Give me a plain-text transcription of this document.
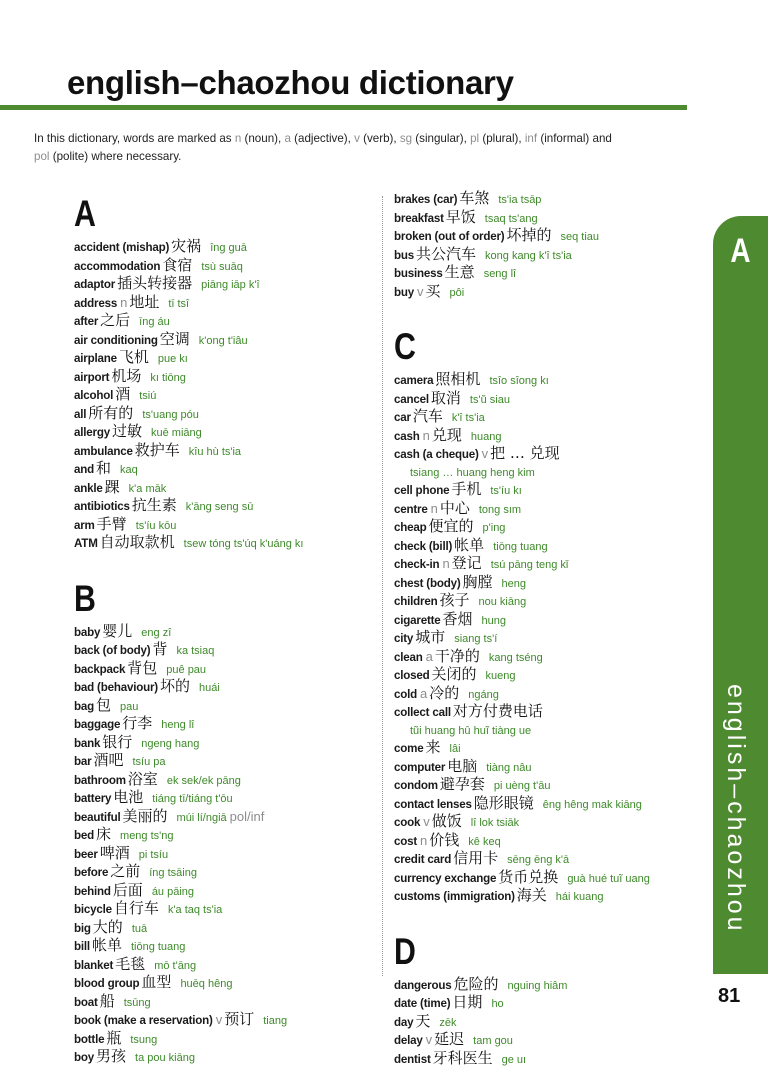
english–chaozhou dictionary
In this dictionary, words are marked as n (noun), a (adjective), v (verb), sg (singular), pl (plural), inf (informal) and
pol (polite) where necessary.
A
accident (mishap) 灾祸 îng guā
accommodation 食宿 tsù suāq
adaptor 插头转接器 piāng iāp k'î
address n 地址 tī tsî
after 之后 īng áu
air conditioning 空调 k'ong t'iâu
airplane 飞机 pue kı
airport 机场 kı tiōng
alcohol 酒 tsiú
all 所有的 ts'uang póu
allergy 过敏 kuē miāng
ambulance 救护车 kîu hù ts'ia
and 和 kaq
ankle 踝 k'a māk
antibiotics 抗生素 k'āng seng sū
arm 手臂 ts'íu kōu
ATM 自动取款机 tsew tóng ts'úq k'uáng kı
B
baby 婴儿 eng zî
back (of body) 背 ka tsiaq
backpack 背包 puê pau
bad (behaviour) 坏的 huái
bag 包 pau
baggage 行李 heng lî
bank 银行 ngeng hang
bar 酒吧 tsíu pa
bathroom 浴室 ek sek/ek pāng
battery 电池 tiáng tī/tiáng t'ōu
beautiful 美丽的 múi lí/ngiā pol/inf
bed 床 meng ts'ng
beer 啤酒 pi tsíu
before 之前 íng tsāing
behind 后面 áu pāing
bicycle 自行车 k'a taq ts'ia
big 大的 tuā
bill 帐单 tiōng tuang
blanket 毛毯 mō t'āng
blood group 血型 huēq hêng
boat 船 tsūng
book (make a reservation) v 预订 tiang
bottle 瓶 tsung
boy 男孩 ta pou kiāng
brakes (car) 车煞 ts'ia tsāp
breakfast 早饭 tsaq ts'ang
broken (out of order) 坏掉的 seq tiau
bus 共公汽车 kong kang k'î ts'ia
business 生意 seng lî
buy v 买 pôi
C
camera 照相机 tsîo sîong kı
cancel 取消 ts'ŭ siau
car 汽车 k'î ts'ia
cash n 兑现 huang
cash (a cheque) v 把 … 兑现
tsiang … huang heng kim
cell phone 手机 ts'íu kı
centre n 中心 tong sım
cheap 便宜的 p'ing
check (bill) 帐单 tiōng tuang
check-in n 登记 tsú pāng teng kǐ
chest (body) 胸膛 heng
children 孩子 nou kiāng
cigarette 香烟 hung
city 城市 siang ts'í
clean a 干净的 kang tséng
closed 关闭的 kueng
cold a 冷的 ngáng
collect call 对方付费电话
tũi huang hû huĩ tiàng ue
come 来 lâi
computer 电脑 tiàng nâu
condom 避孕套 pi uèng t'āu
contact lenses 隐形眼镜 êng hêng mak kiāng
cook v 做饭 lî lok tsiāk
cost n 价钱 kê keq
credit card 信用卡 sēng ēng k'ā
currency exchange 货币兑换 guà hué tuĩ uang
customs (immigration) 海关 hái kuang
D
dangerous 危险的 nguing hiâm
date (time) 日期 ho
day 天 zēk
delay v 延迟 tam gou
dentist 牙科医生 ge uı
A
english–chaozhou
81
